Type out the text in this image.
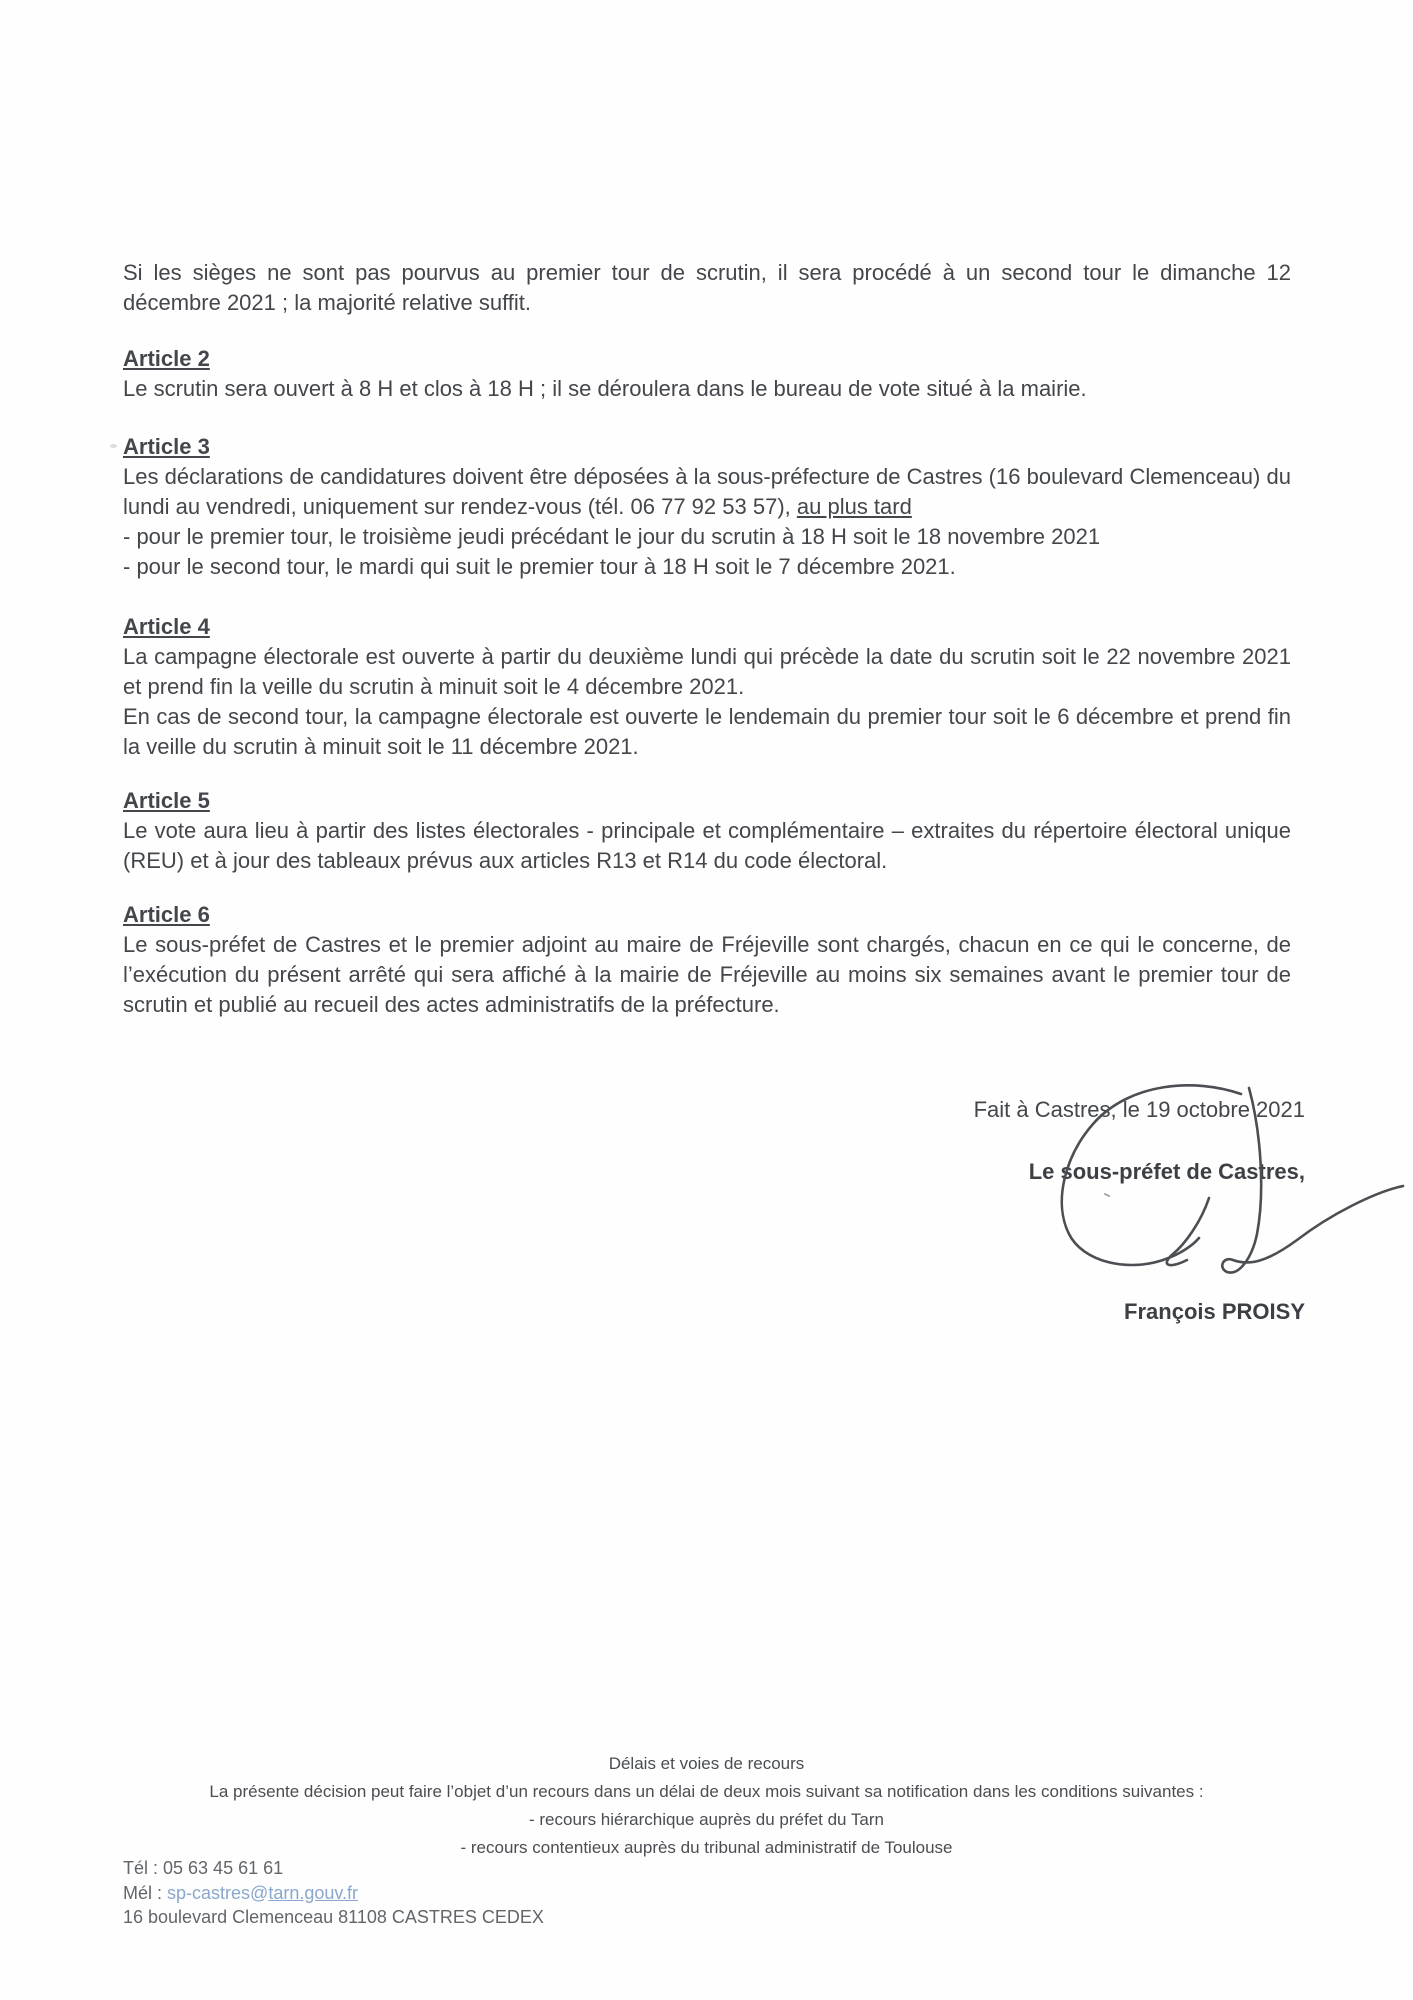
Si les sièges ne sont pas pourvus au premier tour de scrutin, il sera procédé à un second tour le dimanche 12 décembre 2021 ; la majorité relative suffit.

Article 2

Le scrutin sera ouvert à 8 H et clos à 18 H ; il se déroulera dans le bureau de vote situé à la mairie.

Article 3

Les déclarations de candidatures doivent être déposées à la sous-préfecture de Castres (16 boulevard Clemenceau) du lundi au vendredi, uniquement sur rendez-vous (tél. 06 77 92 53 57), au plus tard

- pour le premier tour, le troisième jeudi précédant le jour du scrutin à 18 H soit le 18 novembre 2021

- pour le second tour, le mardi qui suit le premier tour à 18 H soit le 7 décembre 2021.

Article 4

La campagne électorale est ouverte à partir du deuxième lundi qui précède la date du scrutin soit le 22 novembre 2021 et prend fin la veille du scrutin à minuit soit le 4 décembre 2021.

En cas de second tour, la campagne électorale est ouverte le lendemain du premier tour soit le 6 décembre et prend fin la veille du scrutin à minuit soit le 11 décembre 2021.

Article 5

Le vote aura lieu à partir des listes électorales - principale et complémentaire – extraites du répertoire électoral unique (REU) et à jour des tableaux prévus aux articles R13 et R14 du code électoral.

Article 6

Le sous-préfet de Castres et le premier adjoint au maire de Fréjeville sont chargés, chacun en ce qui le concerne, de l’exécution du présent arrêté qui sera affiché à la mairie de Fréjeville au moins six semaines avant le premier tour de scrutin et publié au recueil des actes administratifs de la préfecture.

Fait à Castres, le 19 octobre 2021

Le sous-préfet de Castres,

François PROISY

Délais et voies de recours

La présente décision peut faire l’objet d’un recours dans un délai de deux mois suivant sa notification dans les conditions suivantes :

- recours hiérarchique auprès du préfet du Tarn

- recours contentieux auprès du tribunal administratif de Toulouse

Tél : 05 63 45 61 61

Mél : sp-castres@tarn.gouv.fr

16 boulevard Clemenceau 81108 CASTRES CEDEX
